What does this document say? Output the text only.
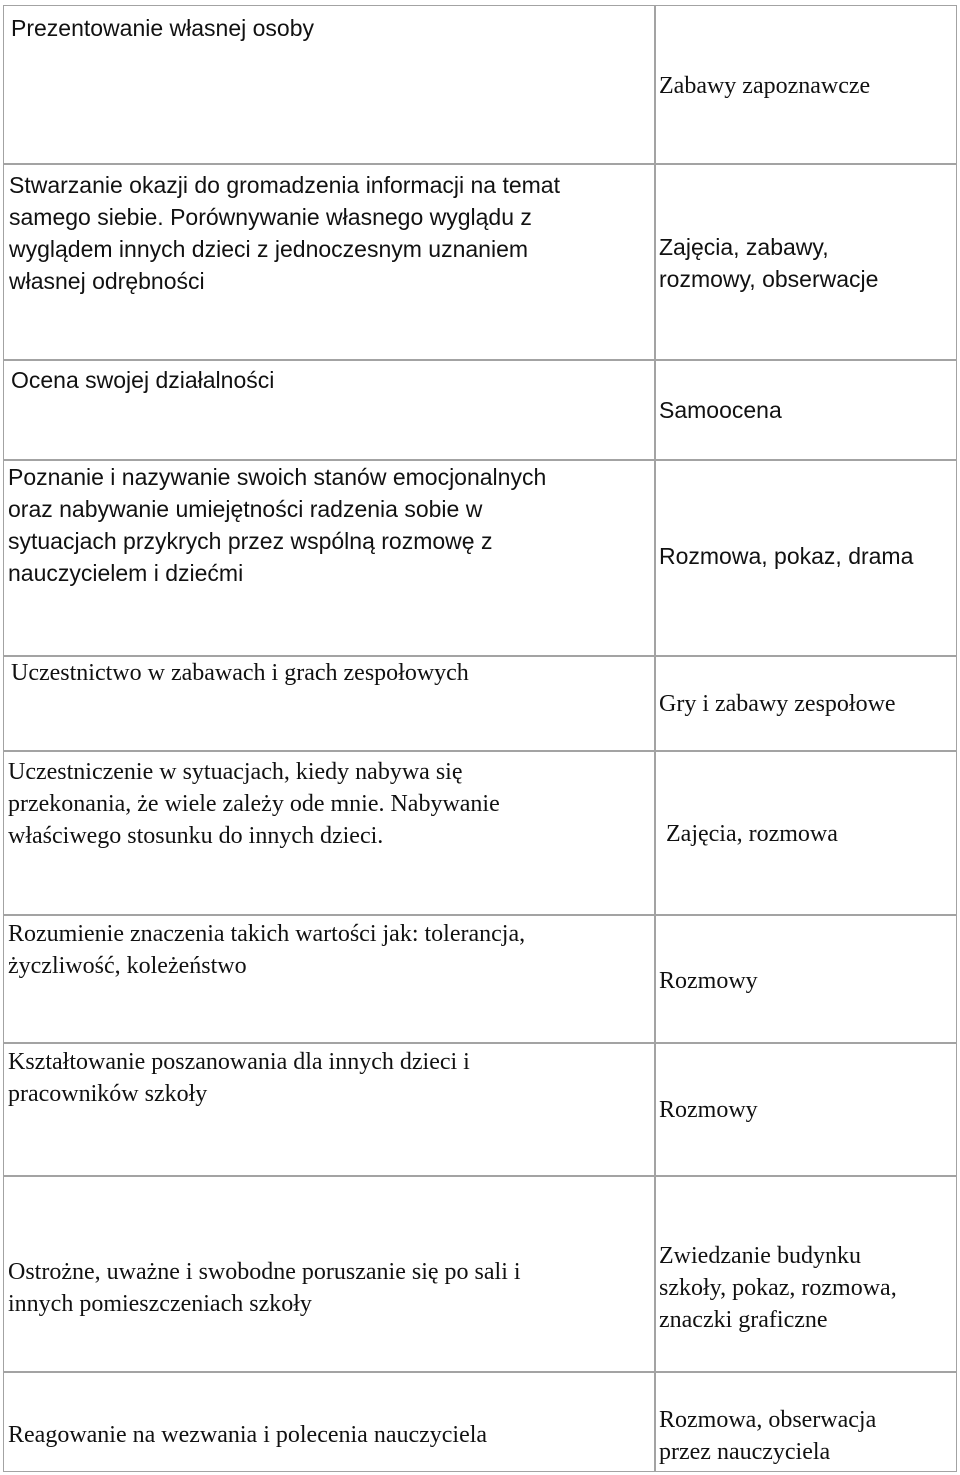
Prezentowanie własnej osoby

Zabawy zapoznawcze

Stwarzanie okazji do gromadzenia informacji na temat
samego siebie. Porównywanie własnego wyglądu z
wyglądem innych dzieci z jednoczesnym uznaniem
własnej odrębności

Zajęcia, zabawy,
rozmowy, obserwacje

Ocena swojej działalności

Samoocena

Poznanie i nazywanie swoich stanów emocjonalnych
oraz nabywanie umiejętności radzenia sobie w
sytuacjach przykrych przez wspólną rozmowę z
nauczycielem i dziećmi

Rozmowa, pokaz, drama

Uczestnictwo w zabawach i grach zespołowych

Gry i zabawy zespołowe

Uczestniczenie w sytuacjach, kiedy nabywa się
przekonania, że wiele zależy ode mnie. Nabywanie
właściwego stosunku do innych dzieci.	Zajęcia, rozmowa

Rozumienie znaczenia takich wartości jak: tolerancja,
życzliwość, koleżeństwo

Rozmowy

Kształtowanie poszanowania dla innych dzieci i
pracowników szkoły

Rozmowy

Ostrożne, uważne i swobodne poruszanie się po sali i
innych pomieszczeniach szkoły

Zwiedzanie budynku
szkoły, pokaz, rozmowa,
znaczki graficzne

Reagowanie na wezwania i polecenia nauczyciela

Rozmowa, obserwacja
przez nauczyciela
